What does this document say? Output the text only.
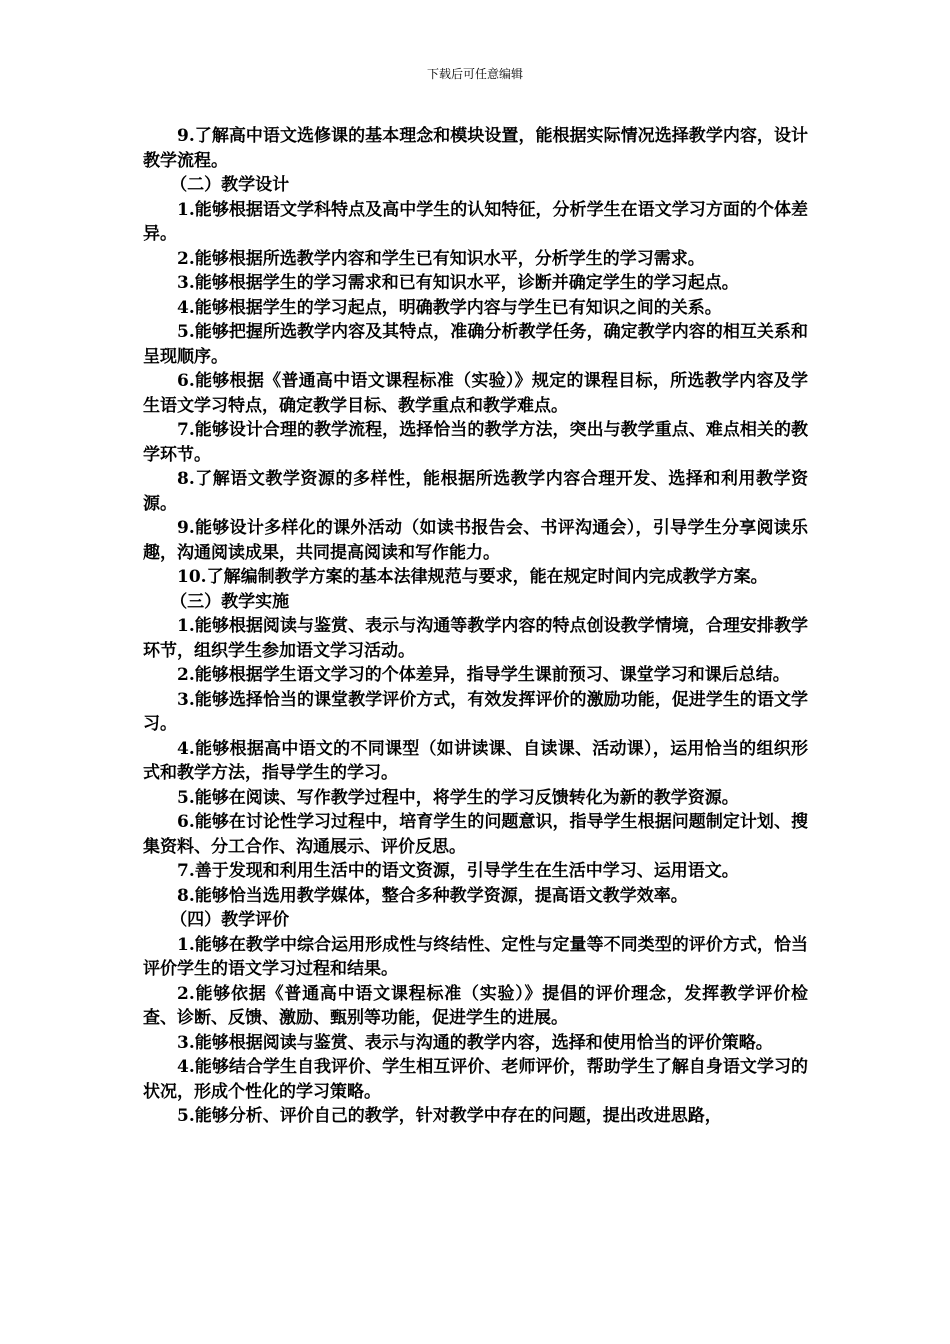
下载后可任意编辑

9.了解高中语文选修课的基本理念和模块设置，能根据实际情况选择教学内容，设计教学流程。

（二）教学设计

1.能够根据语文学科特点及高中学生的认知特征，分析学生在语文学习方面的个体差异。

2.能够根据所选教学内容和学生已有知识水平，分析学生的学习需求。

3.能够根据学生的学习需求和已有知识水平，诊断并确定学生的学习起点。

4.能够根据学生的学习起点，明确教学内容与学生已有知识之间的关系。

5.能够把握所选教学内容及其特点，准确分析教学任务，确定教学内容的相互关系和呈现顺序。

6.能够根据《普通高中语文课程标准（实验）》规定的课程目标，所选教学内容及学生语文学习特点，确定教学目标、教学重点和教学难点。

7.能够设计合理的教学流程，选择恰当的教学方法，突出与教学重点、难点相关的教学环节。

8.了解语文教学资源的多样性，能根据所选教学内容合理开发、选择和利用教学资源。

9.能够设计多样化的课外活动（如读书报告会、书评沟通会），引导学生分享阅读乐趣，沟通阅读成果，共同提高阅读和写作能力。

10.了解编制教学方案的基本法律规范与要求，能在规定时间内完成教学方案。

（三）教学实施

1.能够根据阅读与鉴赏、表示与沟通等教学内容的特点创设教学情境，合理安排教学环节，组织学生参加语文学习活动。

2.能够根据学生语文学习的个体差异，指导学生课前预习、课堂学习和课后总结。

3.能够选择恰当的课堂教学评价方式，有效发挥评价的激励功能，促进学生的语文学习。

4.能够根据高中语文的不同课型（如讲读课、自读课、活动课），运用恰当的组织形式和教学方法，指导学生的学习。

5.能够在阅读、写作教学过程中，将学生的学习反馈转化为新的教学资源。

6.能够在讨论性学习过程中，培育学生的问题意识，指导学生根据问题制定计划、搜集资料、分工合作、沟通展示、评价反思。

7.善于发现和利用生活中的语文资源，引导学生在生活中学习、运用语文。

8.能够恰当选用教学媒体，整合多种教学资源，提高语文教学效率。

（四）教学评价

1.能够在教学中综合运用形成性与终结性、定性与定量等不同类型的评价方式，恰当评价学生的语文学习过程和结果。

2.能够依据《普通高中语文课程标准（实验）》提倡的评价理念，发挥教学评价检查、诊断、反馈、激励、甄别等功能，促进学生的进展。

3.能够根据阅读与鉴赏、表示与沟通的教学内容，选择和使用恰当的评价策略。

4.能够结合学生自我评价、学生相互评价、老师评价，帮助学生了解自身语文学习的状况，形成个性化的学习策略。

5.能够分析、评价自己的教学，针对教学中存在的问题，提出改进思路，
